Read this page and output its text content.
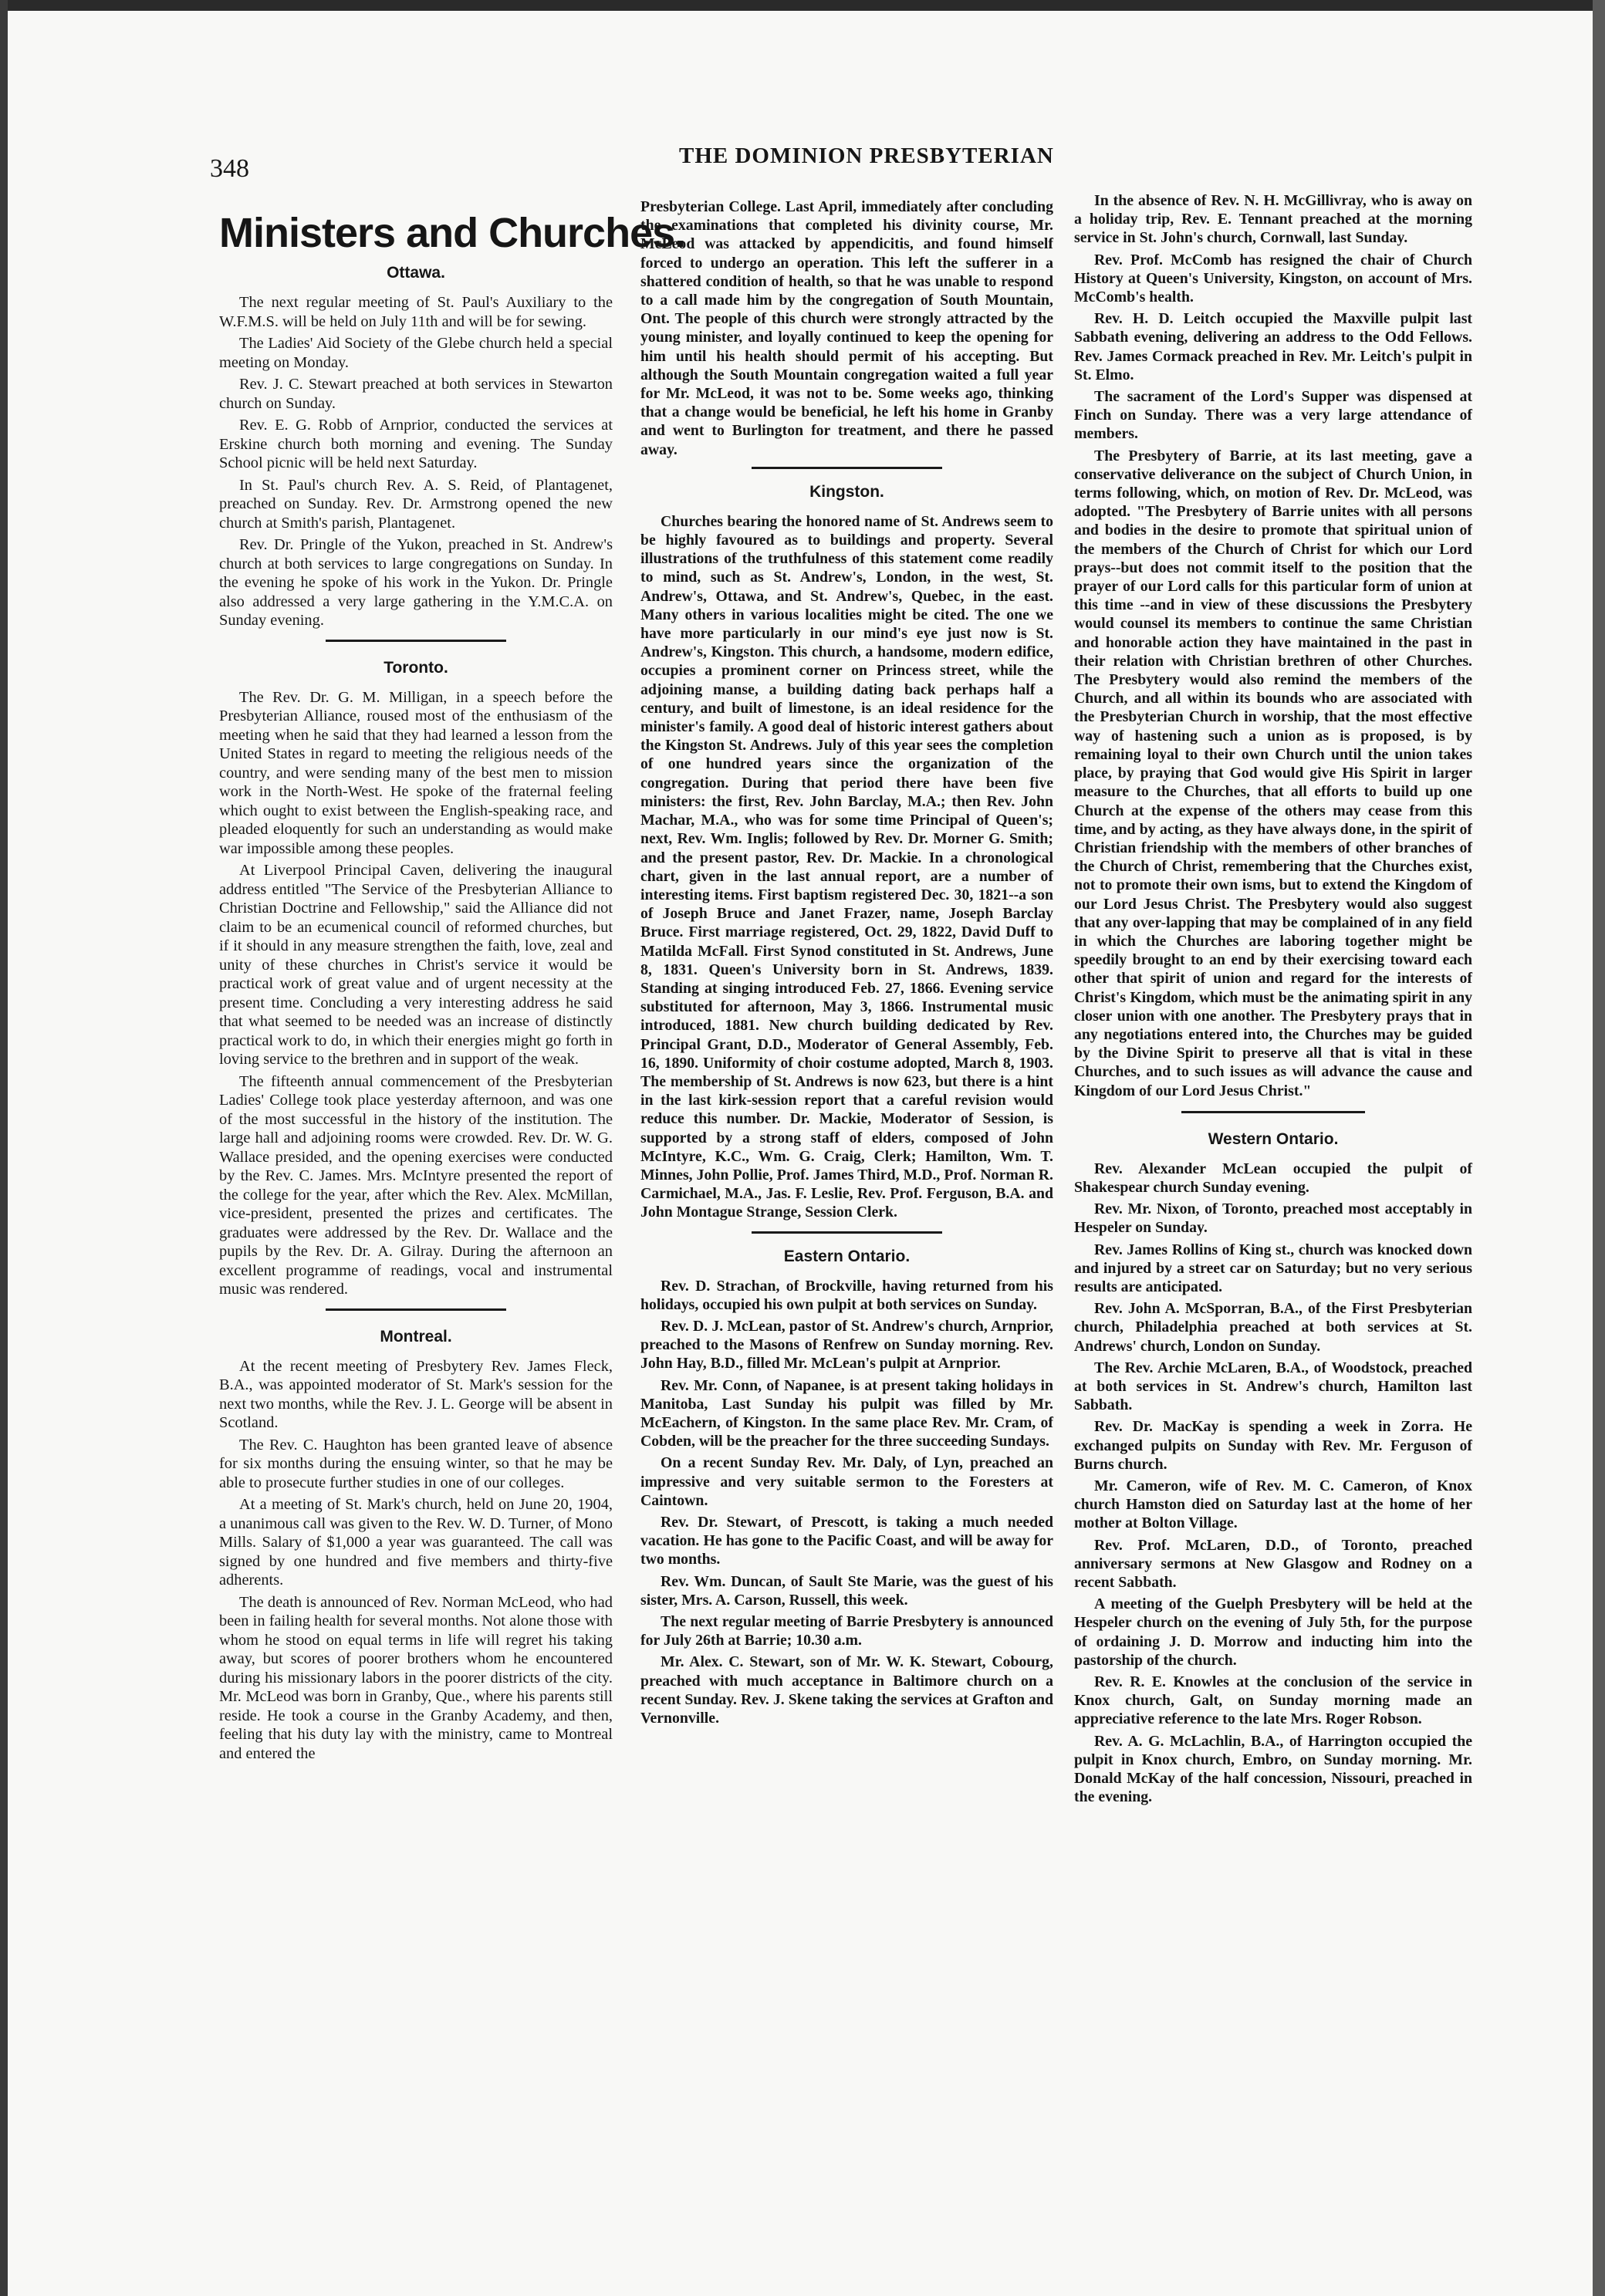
348	THE DOMINION PRESBYTERIAN
Ministers and Churches.
Ottawa.

The next regular meeting of St. Paul's Auxiliary to the W.F.M.S. will be held on July 11th and will be for sewing.

The Ladies' Aid Society of the Glebe church held a special meeting on Monday.

Rev. J. C. Stewart preached at both services in Stewarton church on Sunday.

Rev. E. G. Robb of Arnprior, conducted the services at Erskine church both morning and evening. The Sunday School picnic will be held next Saturday.

In St. Paul's church Rev. A. S. Reid, of Plantagenet, preached on Sunday. Rev. Dr. Armstrong opened the new church at Smith's parish, Plantagenet.

Rev. Dr. Pringle of the Yukon, preached in St. Andrew's church at both services to large congregations on Sunday. In the evening he spoke of his work in the Yukon. Dr. Pringle also addressed a very large gathering in the Y.M.C.A. on Sunday evening.

Toronto.

The Rev. Dr. G. M. Milligan, in a speech before the Presbyterian Alliance, roused most of the enthusiasm of the meeting when he said that they had learned a lesson from the United States in regard to meeting the religious needs of the country, and were sending many of the best men to mission work in the North-West. He spoke of the fraternal feeling which ought to exist between the English-speaking race, and pleaded eloquently for such an understanding as would make war impossible among these peoples.

At Liverpool Principal Caven, delivering the inaugural address entitled "The Service of the Presbyterian Alliance to Christian Doctrine and Fellowship," said the Alliance did not claim to be an ecumenical council of reformed churches, but if it should in any measure strengthen the faith, love, zeal and unity of these churches in Christ's service it would be practical work of great value and of urgent necessity at the present time. Concluding a very interesting address he said that what seemed to be needed was an increase of distinctly practical work to do, in which their energies might go forth in loving service to the brethren and in support of the weak.

The fifteenth annual commencement of the Presbyterian Ladies' College took place yesterday afternoon, and was one of the most successful in the history of the institution. The large hall and adjoining rooms were crowded. Rev. Dr. W. G. Wallace presided, and the opening exercises were conducted by the Rev. C. James. Mrs. McIntyre presented the report of the college for the year, after which the Rev. Alex. McMillan, vice-president, presented the prizes and certificates. The graduates were addressed by the Rev. Dr. Wallace and the pupils by the Rev. Dr. A. Gilray. During the afternoon an excellent programme of readings, vocal and instrumental music was rendered.

Montreal.

At the recent meeting of Presbytery Rev. James Fleck, B.A., was appointed moderator of St. Mark's session for the next two months, while the Rev. J. L. George will be absent in Scotland.

The Rev. C. Haughton has been granted leave of absence for six months during the ensuing winter, so that he may be able to prosecute further studies in one of our colleges.

At a meeting of St. Mark's church, held on June 20, 1904, a unanimous call was given to the Rev. W. D. Turner, of Mono Mills. Salary of $1,000 a year was guaranteed. The call was signed by one hundred and five members and thirty-five adherents.

The death is announced of Rev. Norman McLeod, who had been in failing health for several months. Not alone those with whom he stood on equal terms in life will regret his taking away, but scores of poorer brothers whom he encountered during his missionary labors in the poorer districts of the city. Mr. McLeod was born in Granby, Que., where his parents still reside. He took a course in the Granby Academy, and then, feeling that his duty lay with the ministry, came to Montreal and entered the

Presbyterian College. Last April, immediately after concluding the examinations that completed his divinity course, Mr. McLeod was attacked by appendicitis, and found himself forced to undergo an operation. This left the sufferer in a shattered condition of health, so that he was unable to respond to a call made him by the congregation of South Mountain, Ont. The people of this church were strongly attracted by the young minister, and loyally continued to keep the opening for him until his health should permit of his accepting. But although the South Mountain congregation waited a full year for Mr. McLeod, it was not to be. Some weeks ago, thinking that a change would be beneficial, he left his home in Granby and went to Burlington for treatment, and there he passed away.

Kingston.

Churches bearing the honored name of St. Andrews seem to be highly favoured as to buildings and property. Several illustrations of the truthfulness of this statement come readily to mind, such as St. Andrew's, London, in the west, St. Andrew's, Ottawa, and St. Andrew's, Quebec, in the east. Many others in various localities might be cited. The one we have more particularly in our mind's eye just now is St. Andrew's, Kingston. This church, a handsome, modern edifice, occupies a prominent corner on Princess street, while the adjoining manse, a building dating back perhaps half a century, and built of limestone, is an ideal residence for the minister's family. A good deal of historic interest gathers about the Kingston St. Andrews. July of this year sees the completion of one hundred years since the organization of the congregation. During that period there have been five ministers: the first, Rev. John Barclay, M.A.; then Rev. John Machar, M.A., who was for some time Principal of Queen's; next, Rev. Wm. Inglis; followed by Rev. Dr. Morner G. Smith; and the present pastor, Rev. Dr. Mackie. In a chronological chart, given in the last annual report, are a number of interesting items. First baptism registered Dec. 30, 1821--a son of Joseph Bruce and Janet Frazer, name, Joseph Barclay Bruce. First marriage registered, Oct. 29, 1822, David Duff to Matilda McFall. First Synod constituted in St. Andrews, June 8, 1831. Queen's University born in St. Andrews, 1839. Standing at singing introduced Feb. 27, 1866. Evening service substituted for afternoon, May 3, 1866. Instrumental music introduced, 1881. New church building dedicated by Rev. Principal Grant, D.D., Moderator of General Assembly, Feb. 16, 1890. Uniformity of choir costume adopted, March 8, 1903. The membership of St. Andrews is now 623, but there is a hint in the last kirk-session report that a careful revision would reduce this number. Dr. Mackie, Moderator of Session, is supported by a strong staff of elders, composed of John McIntyre, K.C., Wm. G. Craig, Clerk; Hamilton, Wm. T. Minnes, John Pollie, Prof. James Third, M.D., Prof. Norman R. Carmichael, M.A., Jas. F. Leslie, Rev. Prof. Ferguson, B.A. and John Montague Strange, Session Clerk.

Eastern Ontario.

Rev. D. Strachan, of Brockville, having returned from his holidays, occupied his own pulpit at both services on Sunday.

Rev. D. J. McLean, pastor of St. Andrew's church, Arnprior, preached to the Masons of Renfrew on Sunday morning. Rev. John Hay, B.D., filled Mr. McLean's pulpit at Arnprior.

Rev. Mr. Conn, of Napanee, is at present taking holidays in Manitoba, Last Sunday his pulpit was filled by Mr. McEachern, of Kingston. In the same place Rev. Mr. Cram, of Cobden, will be the preacher for the three succeeding Sundays.

On a recent Sunday Rev. Mr. Daly, of Lyn, preached an impressive and very suitable sermon to the Foresters at Caintown.

Rev. Dr. Stewart, of Prescott, is taking a much needed vacation. He has gone to the Pacific Coast, and will be away for two months.

Rev. Wm. Duncan, of Sault Ste Marie, was the guest of his sister, Mrs. A. Carson, Russell, this week.

The next regular meeting of Barrie Presbytery is announced for July 26th at Barrie; 10.30 a.m.

Mr. Alex. C. Stewart, son of Mr. W. K. Stewart, Cobourg, preached with much acceptance in Baltimore church on a recent Sunday. Rev. J. Skene taking the services at Grafton and Vernonville.

In the absence of Rev. N. H. McGillivray, who is away on a holiday trip, Rev. E. Tennant preached at the morning service in St. John's church, Cornwall, last Sunday.

Rev. Prof. McComb has resigned the chair of Church History at Queen's University, Kingston, on account of Mrs. McComb's health.

Rev. H. D. Leitch occupied the Maxville pulpit last Sabbath evening, delivering an address to the Odd Fellows. Rev. James Cormack preached in Rev. Mr. Leitch's pulpit in St. Elmo.

The sacrament of the Lord's Supper was dispensed at Finch on Sunday. There was a very large attendance of members.

The Presbytery of Barrie, at its last meeting, gave a conservative deliverance on the subject of Church Union, in terms following, which, on motion of Rev. Dr. McLeod, was adopted. "The Presbytery of Barrie unites with all persons and bodies in the desire to promote that spiritual union of the members of the Church of Christ for which our Lord prays--but does not commit itself to the position that the prayer of our Lord calls for this particular form of union at this time --and in view of these discussions the Presbytery would counsel its members to continue the same Christian and honorable action they have maintained in the past in their relation with Christian brethren of other Churches. The Presbytery would also remind the members of the Church, and all within its bounds who are associated with the Presbyterian Church in worship, that the most effective way of hastening such a union as is proposed, is by remaining loyal to their own Church until the union takes place, by praying that God would give His Spirit in larger measure to the Churches, that all efforts to build up one Church at the expense of the others may cease from this time, and by acting, as they have always done, in the spirit of Christian friendship with the members of other branches of the Church of Christ, remembering that the Churches exist, not to promote their own isms, but to extend the Kingdom of our Lord Jesus Christ. The Presbytery would also suggest that any over-lapping that may be complained of in any field in which the Churches are laboring together might be speedily brought to an end by their exercising toward each other that spirit of union and regard for the interests of Christ's Kingdom, which must be the animating spirit in any closer union with one another. The Presbytery prays that in any negotiations entered into, the Churches may be guided by the Divine Spirit to preserve all that is vital in these Churches, and to such issues as will advance the cause and Kingdom of our Lord Jesus Christ."

Western Ontario.

Rev. Alexander McLean occupied the pulpit of Shakespear church Sunday evening.

Rev. Mr. Nixon, of Toronto, preached most acceptably in Hespeler on Sunday.

Rev. James Rollins of King st., church was knocked down and injured by a street car on Saturday; but no very serious results are anticipated.

Rev. John A. McSporran, B.A., of the First Presbyterian church, Philadelphia preached at both services at St. Andrews' church, London on Sunday.

The Rev. Archie McLaren, B.A., of Woodstock, preached at both services in St. Andrew's church, Hamilton last Sabbath.

Rev. Dr. MacKay is spending a week in Zorra. He exchanged pulpits on Sunday with Rev. Mr. Ferguson of Burns church.

Mr. Cameron, wife of Rev. M. C. Cameron, of Knox church Hamston died on Saturday last at the home of her mother at Bolton Village.

Rev. Prof. McLaren, D.D., of Toronto, preached anniversary sermons at New Glasgow and Rodney on a recent Sabbath.

A meeting of the Guelph Presbytery will be held at the Hespeler church on the evening of July 5th, for the purpose of ordaining J. D. Morrow and inducting him into the pastorship of the church.

Rev. R. E. Knowles at the conclusion of the service in Knox church, Galt, on Sunday morning made an appreciative reference to the late Mrs. Roger Robson.

Rev. A. G. McLachlin, B.A., of Harrington occupied the pulpit in Knox church, Embro, on Sunday morning. Mr. Donald McKay of the half concession, Nissouri, preached in the evening.
